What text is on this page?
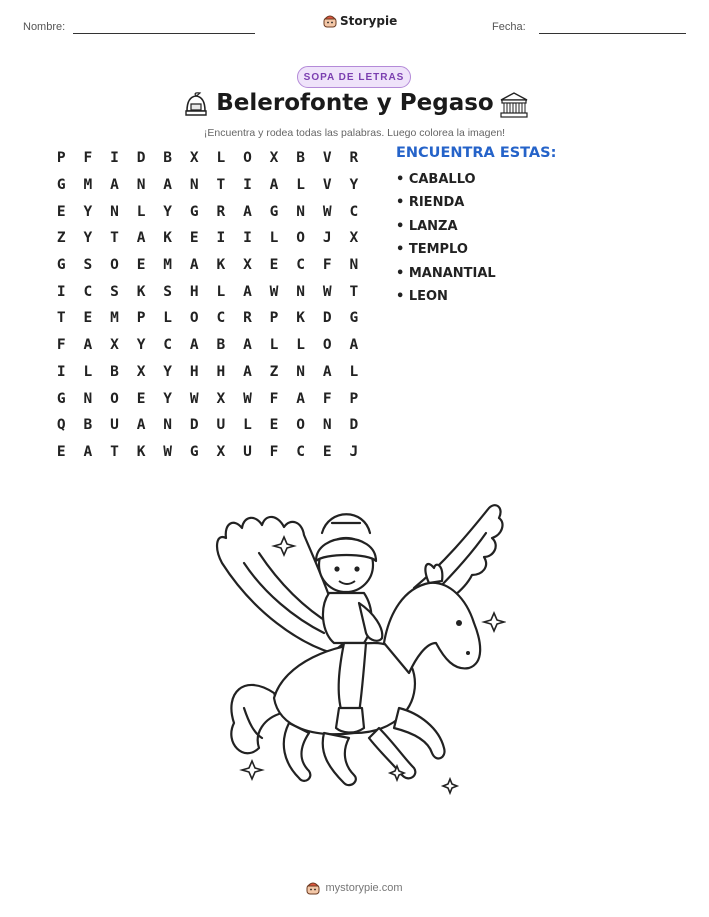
Nombre:	Storypie	Fecha:
SOPA DE LETRAS
Belerofonte y Pegaso
¡Encuentra y rodea todas las palabras. Luego colorea la imagen!
P	F	I	D	B	X	L	O	X	B	V	R
G	M	A	N	A	N	T	I	A	L	V	Y
E	Y	N	L	Y	G	R	A	G	N	W	C
Z	Y	T	A	K	E	I	I	L	O	J	X
G	S	O	E	M	A	K	X	E	C	F	N
I	C	S	K	S	H	L	A	W	N	W	T
T	E	M	P	L	O	C	R	P	K	D	G
F	A	X	Y	C	A	B	A	L	L	O	A
I	L	B	X	Y	H	H	A	Z	N	A	L
G	N	O	E	Y	W	X	W	F	A	F	P
Q	B	U	A	N	D	U	L	E	O	N	D
E	A	T	K	W	G	X	U	F	C	E	J
ENCUENTRA ESTAS:
• CABALLO
• RIENDA
• LANZA
• TEMPLO
• MANANTIAL
• LEON
mystorypie.com
